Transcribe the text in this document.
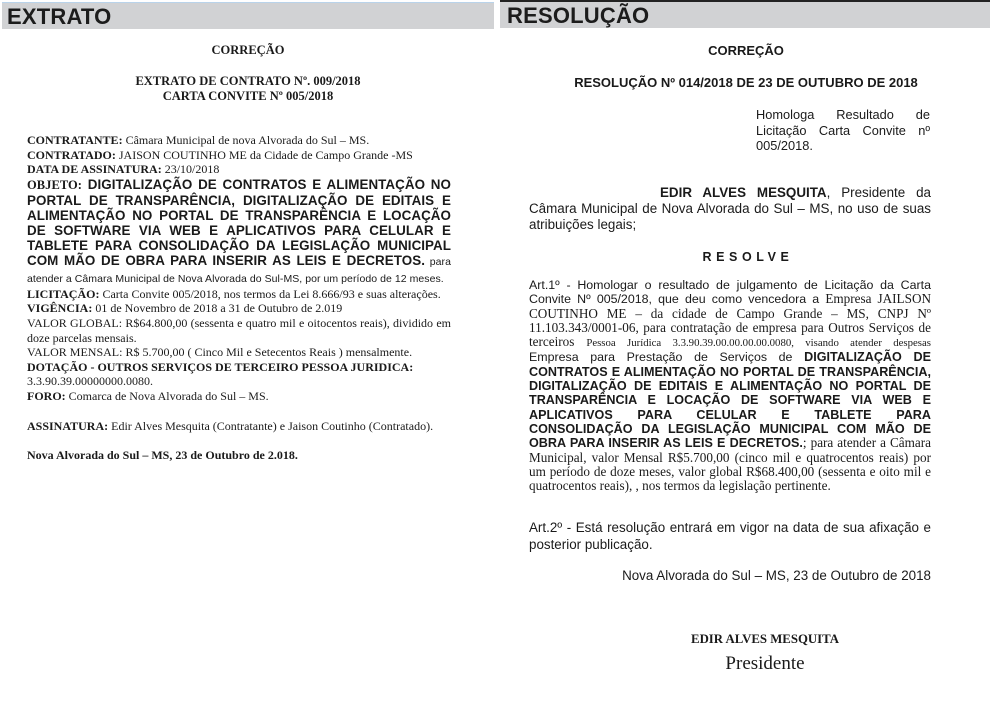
EXTRATO
CORREÇÃO
EXTRATO DE CONTRATO Nº. 009/2018
CARTA CONVITE Nº 005/2018

CONTRATANTE: Câmara Municipal de nova Alvorada do Sul – MS.

CONTRATADO: JAISON COUTINHO ME da Cidade de Campo Grande -MS

DATA DE ASSINATURA: 23/10/2018

OBJETO: DIGITALIZAÇÃO DE CONTRATOS E ALIMENTAÇÃO NO PORTAL DE TRANSPARÊNCIA, DIGITALIZAÇÃO DE EDITAIS E ALIMENTAÇÃO NO PORTAL DE TRANSPARÊNCIA E LOCAÇÃO DE SOFTWARE VIA WEB E APLICATIVOS PARA CELULAR E TABLETE PARA CONSOLIDAÇÃO DA LEGISLAÇÃO MUNICIPAL COM MÃO DE OBRA PARA INSERIR AS LEIS E DECRETOS. para atender a Câmara Municipal de Nova Alvorada do Sul-MS, por um período de 12 meses.

LICITAÇÃO: Carta Convite 005/2018, nos termos da Lei 8.666/93 e suas alterações.

VIGÊNCIA: 01 de Novembro de 2018 a 31 de Outubro de 2.019

VALOR GLOBAL: R$64.800,00 (sessenta e quatro mil e oitocentos reais), dividido em doze parcelas mensais.

VALOR MENSAL: R$ 5.700,00 ( Cinco Mil e Setecentos Reais ) mensalmente.

DOTAÇÃO - OUTROS SERVIÇOS DE TERCEIRO PESSOA JURIDICA: 3.3.90.39.00000000.0080.

FORO: Comarca de Nova Alvorada do Sul – MS.

ASSINATURA: Edir Alves Mesquita (Contratante) e Jaison Coutinho (Contratado).

Nova Alvorada do Sul – MS, 23 de Outubro de 2.018.

RESOLUÇÃO
CORREÇÃO
RESOLUÇÃO Nº 014/2018 DE 23 DE OUTUBRO DE 2018
Homologa Resultado de Licitação Carta Convite nº 005/2018.
EDIR ALVES MESQUITA, Presidente da Câmara Municipal de Nova Alvorada do Sul – MS, no uso de suas atribuições legais;
RESOLVE
Art.1º - Homologar o resultado de julgamento de Licitação da Carta Convite Nº 005/2018, que deu como vencedora a Empresa JAILSON COUTINHO ME – da cidade de Campo Grande – MS, CNPJ Nº 11.103.343/0001-06, para contratação de empresa para Outros Serviços de terceiros Pessoa Jurídica 3.3.90.39.00.00.00.00.0080, visando atender despesas Empresa para Prestação de Serviços de DIGITALIZAÇÃO DE CONTRATOS E ALIMENTAÇÃO NO PORTAL DE TRANSPARÊNCIA, DIGITALIZAÇÃO DE EDITAIS E ALIMENTAÇÃO NO PORTAL DE TRANSPARÊNCIA E LOCAÇÃO DE SOFTWARE VIA WEB E APLICATIVOS PARA CELULAR E TABLETE PARA CONSOLIDAÇÃO DA LEGISLAÇÃO MUNICIPAL COM MÃO DE OBRA PARA INSERIR AS LEIS E DECRETOS.; para atender a Câmara Municipal, valor Mensal R$5.700,00 (cinco mil e quatrocentos reais) por um período de doze meses, valor global R$68.400,00 (sessenta e oito mil e quatrocentos reais), , nos termos da legislação pertinente.
Art.2º - Está resolução entrará em vigor na data de sua afixação e posterior publicação.
Nova Alvorada do Sul – MS, 23 de Outubro de 2018
EDIR ALVES MESQUITA
Presidente
